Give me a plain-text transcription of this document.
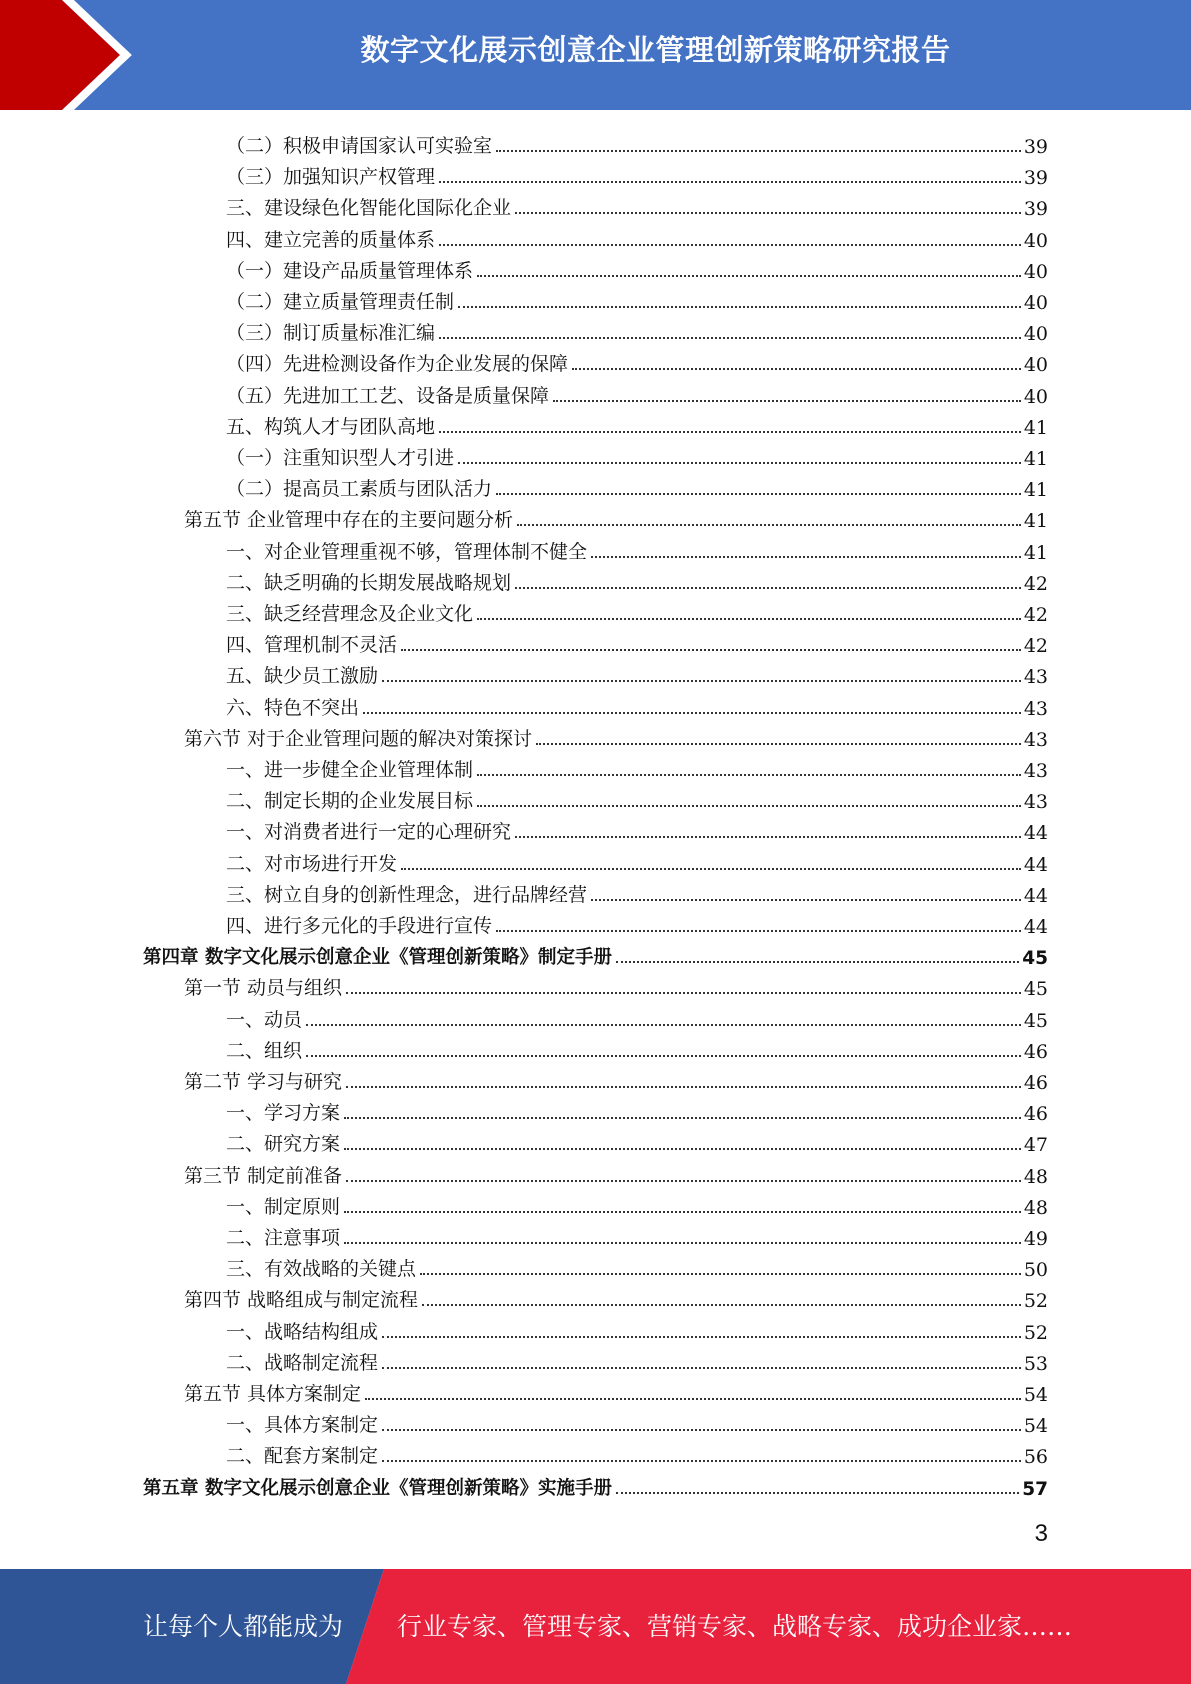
数字文化展示创意企业管理创新策略研究报告
（二）积极申请国家认可实验室	39
（三）加强知识产权管理	39
三、建设绿色化智能化国际化企业	39
四、建立完善的质量体系	40
（一）建设产品质量管理体系	40
（二）建立质量管理责任制	40
（三）制订质量标准汇编	40
（四）先进检测设备作为企业发展的保障	40
（五）先进加工工艺、设备是质量保障	40
五、构筑人才与团队高地	41
（一）注重知识型人才引进	41
（二）提高员工素质与团队活力	41
第五节 企业管理中存在的主要问题分析	41
一、对企业管理重视不够，管理体制不健全	41
二、缺乏明确的长期发展战略规划	42
三、缺乏经营理念及企业文化	42
四、管理机制不灵活	42
五、缺少员工激励	43
六、特色不突出	43
第六节 对于企业管理问题的解决对策探讨	43
一、进一步健全企业管理体制	43
二、制定长期的企业发展目标	43
一、对消费者进行一定的心理研究	44
二、对市场进行开发	44
三、树立自身的创新性理念，进行品牌经营	44
四、进行多元化的手段进行宣传	44
第四章 数字文化展示创意企业《管理创新策略》制定手册	45
第一节 动员与组织	45
一、动员	45
二、组织	46
第二节 学习与研究	46
一、学习方案	46
二、研究方案	47
第三节 制定前准备	48
一、制定原则	48
二、注意事项	49
三、有效战略的关键点	50
第四节 战略组成与制定流程	52
一、战略结构组成	52
二、战略制定流程	53
第五节 具体方案制定	54
一、具体方案制定	54
二、配套方案制定	56
第五章 数字文化展示创意企业《管理创新策略》实施手册	57
3
让每个人都能成为 行业专家、管理专家、营销专家、战略专家、成功企业家……
